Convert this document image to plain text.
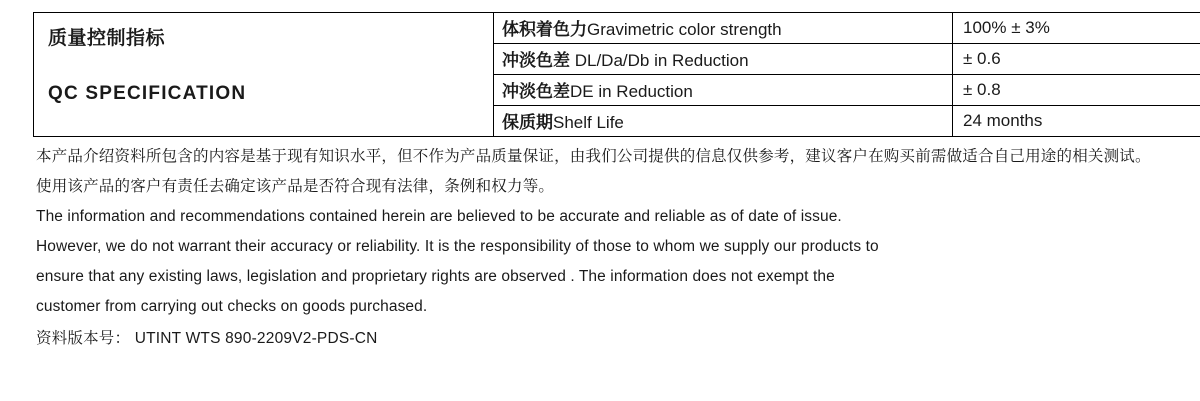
质量控制指标
QC SPECIFICATION	体积着色力Gravimetric color strength	100% ± 3%
	冲淡色差 DL/Da/Db in Reduction	± 0.6
	冲淡色差DE in Reduction	± 0.8
	保质期Shelf Life	24 months
本产品介绍资料所包含的内容是基于现有知识水平，但不作为产品质量保证，由我们公司提供的信息仅供参考，建议客户在购买前需做适合自己用途的相关测试。使用该产品的客户有责任去确定该产品是否符合现有法律，条例和权力等。
The information and recommendations contained herein are believed to be accurate and reliable as of date of issue.
However, we do not warrant their accuracy or reliability. It is the responsibility of those to whom we supply our products to
ensure that any existing laws, legislation and proprietary rights are observed . The information does not exempt the
customer from carrying out checks on goods purchased.
资料版本号： UTINT WTS 890-2209V2-PDS-CN
